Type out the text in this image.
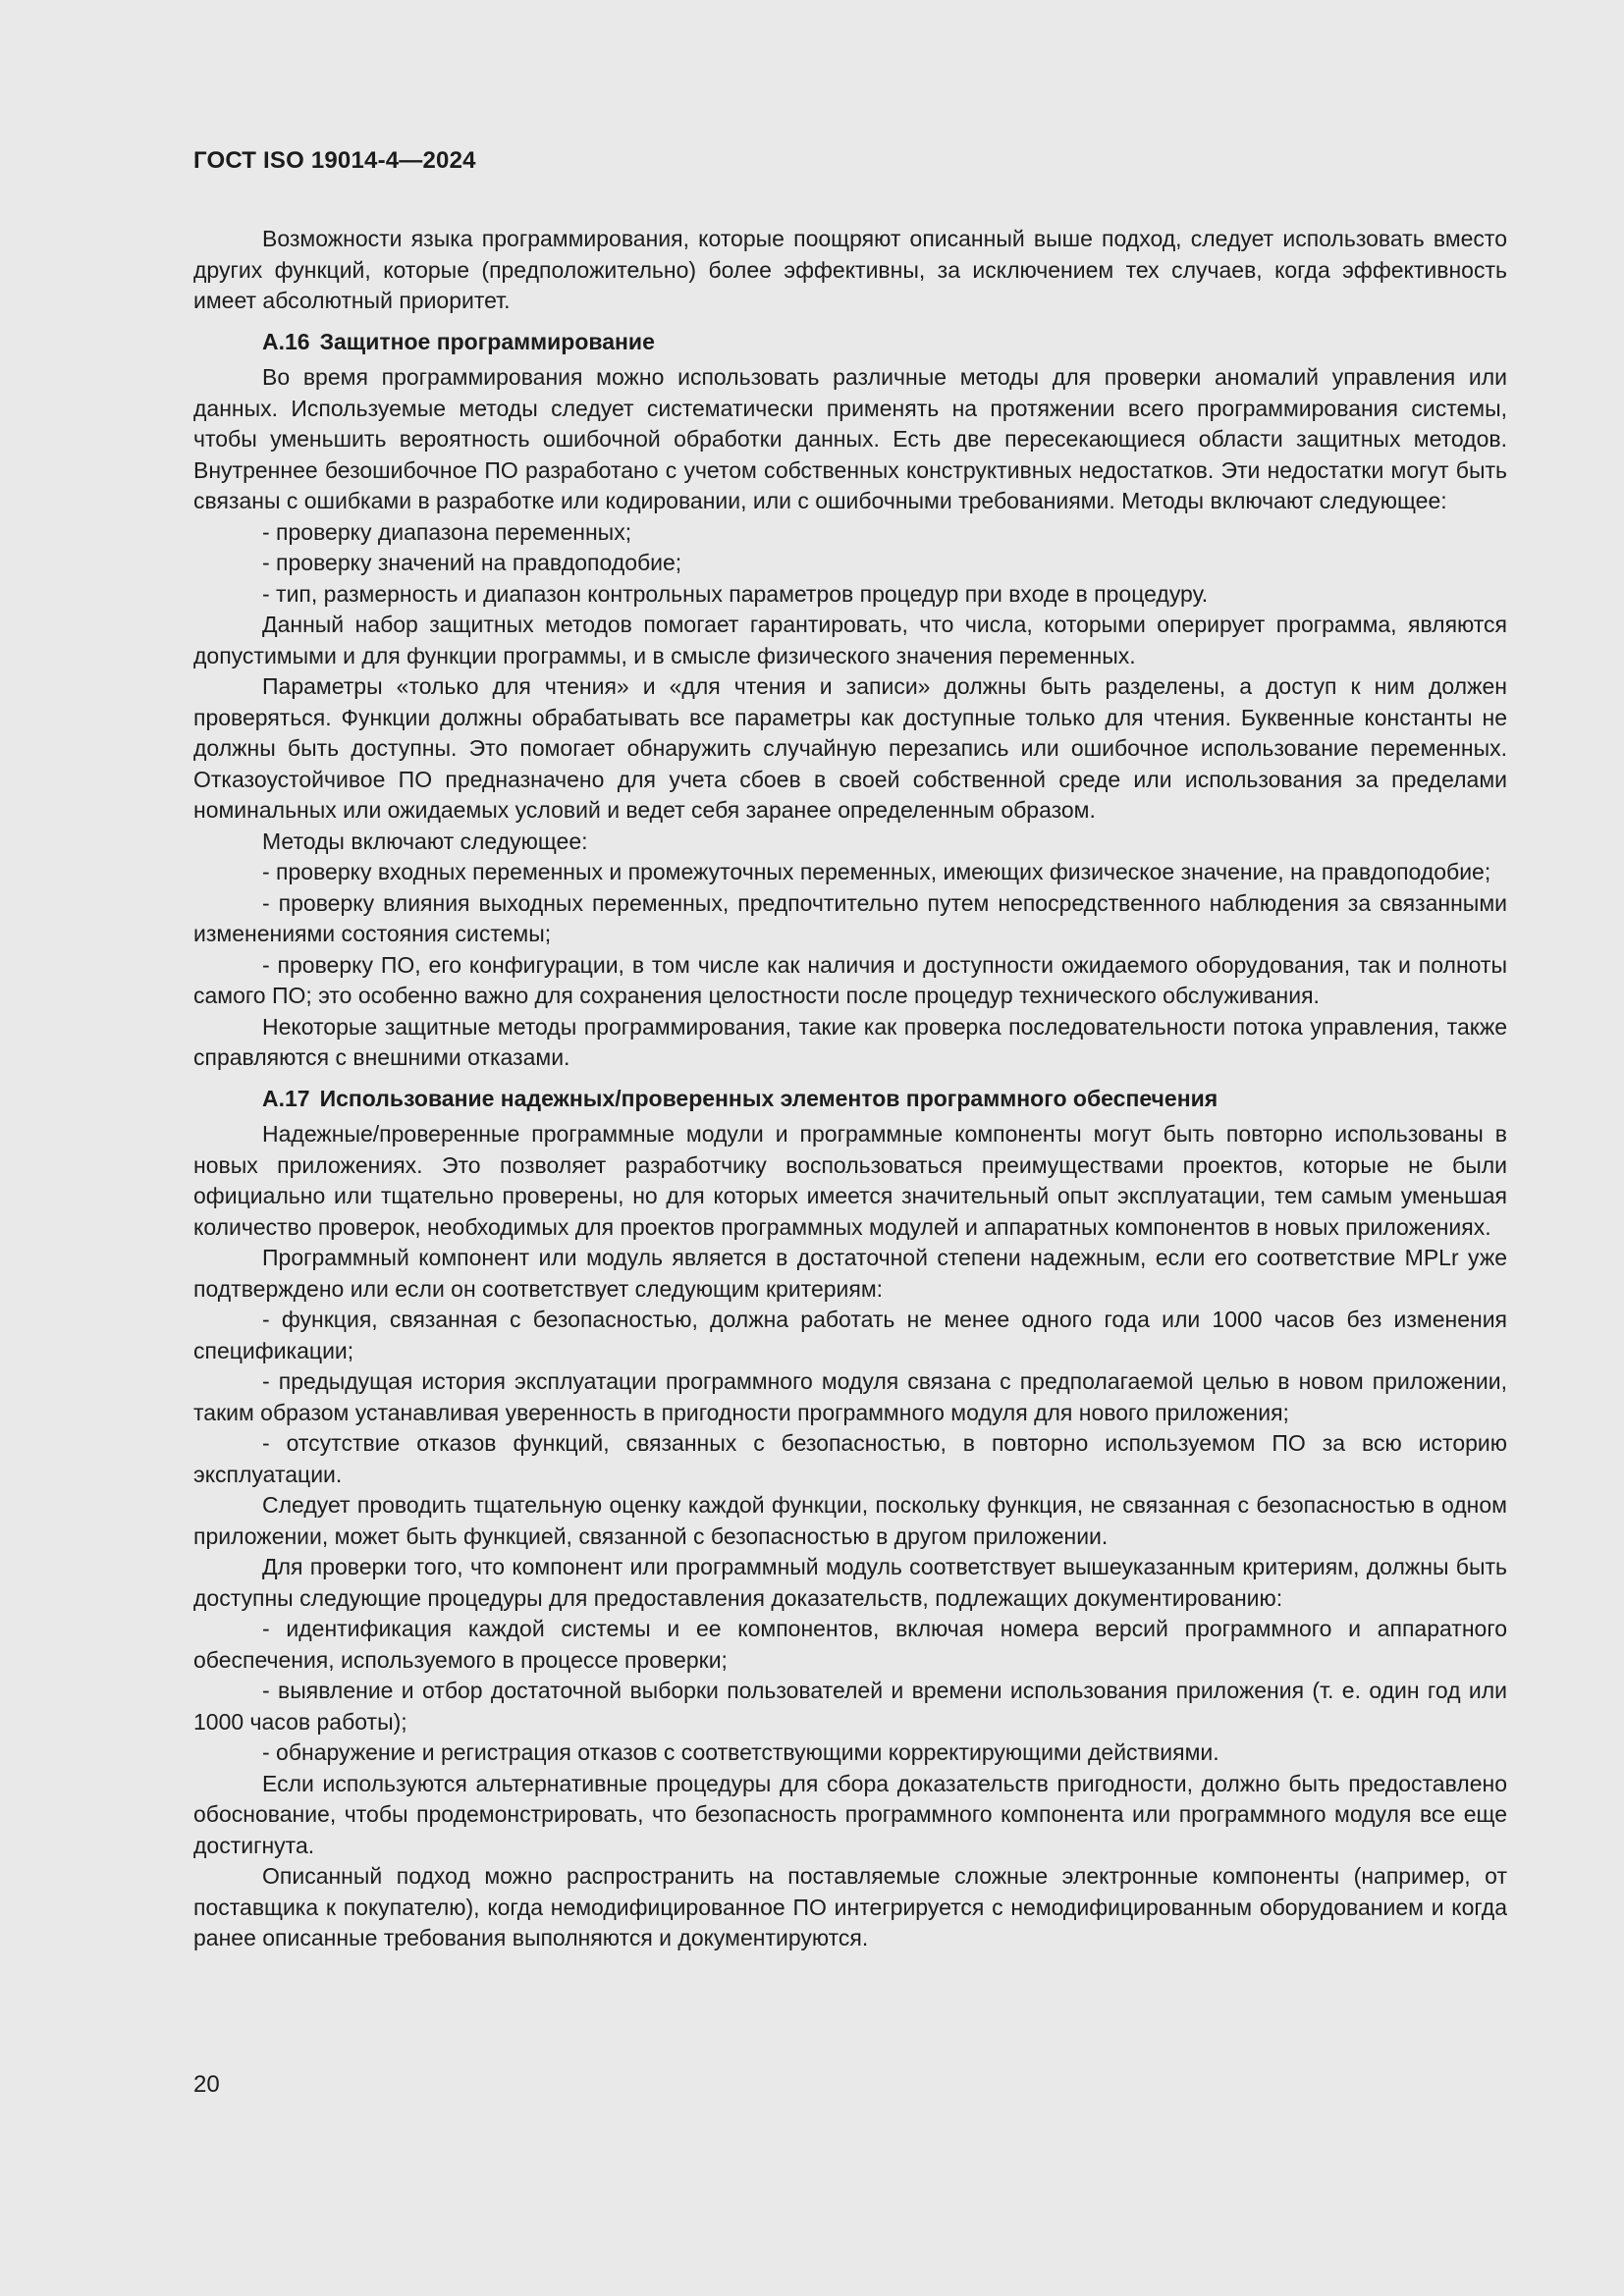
ГОСТ ISO 19014-4—2024

Возможности языка программирования, которые поощряют описанный выше подход, следует использовать вместо других функций, которые (предположительно) более эффективны, за исключением тех случаев, когда эффективность имеет абсолютный приоритет.

А.16 Защитное программирование

Во время программирования можно использовать различные методы для проверки аномалий управления или данных. Используемые методы следует систематически применять на протяжении всего программирования системы, чтобы уменьшить вероятность ошибочной обработки данных. Есть две пересекающиеся области защитных методов. Внутреннее безошибочное ПО разработано с учетом собственных конструктивных недостатков. Эти недостатки могут быть связаны с ошибками в разработке или кодировании, или с ошибочными требованиями. Методы включают следующее:

- проверку диапазона переменных;

- проверку значений на правдоподобие;

- тип, размерность и диапазон контрольных параметров процедур при входе в процедуру.

Данный набор защитных методов помогает гарантировать, что числа, которыми оперирует программа, являются допустимыми и для функции программы, и в смысле физического значения переменных.

Параметры «только для чтения» и «для чтения и записи» должны быть разделены, а доступ к ним должен проверяться. Функции должны обрабатывать все параметры как доступные только для чтения. Буквенные константы не должны быть доступны. Это помогает обнаружить случайную перезапись или ошибочное использование переменных. Отказоустойчивое ПО предназначено для учета сбоев в своей собственной среде или использования за пределами номинальных или ожидаемых условий и ведет себя заранее определенным образом.

Методы включают следующее:

- проверку входных переменных и промежуточных переменных, имеющих физическое значение, на правдоподобие;

- проверку влияния выходных переменных, предпочтительно путем непосредственного наблюдения за связанными изменениями состояния системы;

- проверку ПО, его конфигурации, в том числе как наличия и доступности ожидаемого оборудования, так и полноты самого ПО; это особенно важно для сохранения целостности после процедур технического обслуживания.

Некоторые защитные методы программирования, такие как проверка последовательности потока управления, также справляются с внешними отказами.

А.17 Использование надежных/проверенных элементов программного обеспечения

Надежные/проверенные программные модули и программные компоненты могут быть повторно использованы в новых приложениях. Это позволяет разработчику воспользоваться преимуществами проектов, которые не были официально или тщательно проверены, но для которых имеется значительный опыт эксплуатации, тем самым уменьшая количество проверок, необходимых для проектов программных модулей и аппаратных компонентов в новых приложениях.

Программный компонент или модуль является в достаточной степени надежным, если его соответствие MPLr уже подтверждено или если он соответствует следующим критериям:

- функция, связанная с безопасностью, должна работать не менее одного года или 1000 часов без изменения спецификации;

- предыдущая история эксплуатации программного модуля связана с предполагаемой целью в новом приложении, таким образом устанавливая уверенность в пригодности программного модуля для нового приложения;

- отсутствие отказов функций, связанных с безопасностью, в повторно используемом ПО за всю историю эксплуатации.

Следует проводить тщательную оценку каждой функции, поскольку функция, не связанная с безопасностью в одном приложении, может быть функцией, связанной с безопасностью в другом приложении.

Для проверки того, что компонент или программный модуль соответствует вышеуказанным критериям, должны быть доступны следующие процедуры для предоставления доказательств, подлежащих документированию:

- идентификация каждой системы и ее компонентов, включая номера версий программного и аппаратного обеспечения, используемого в процессе проверки;

- выявление и отбор достаточной выборки пользователей и времени использования приложения (т. е. один год или 1000 часов работы);

- обнаружение и регистрация отказов с соответствующими корректирующими действиями.

Если используются альтернативные процедуры для сбора доказательств пригодности, должно быть предоставлено обоснование, чтобы продемонстрировать, что безопасность программного компонента или программного модуля все еще достигнута.

Описанный подход можно распространить на поставляемые сложные электронные компоненты (например, от поставщика к покупателю), когда немодифицированное ПО интегрируется с немодифицированным оборудованием и когда ранее описанные требования выполняются и документируются.

20
